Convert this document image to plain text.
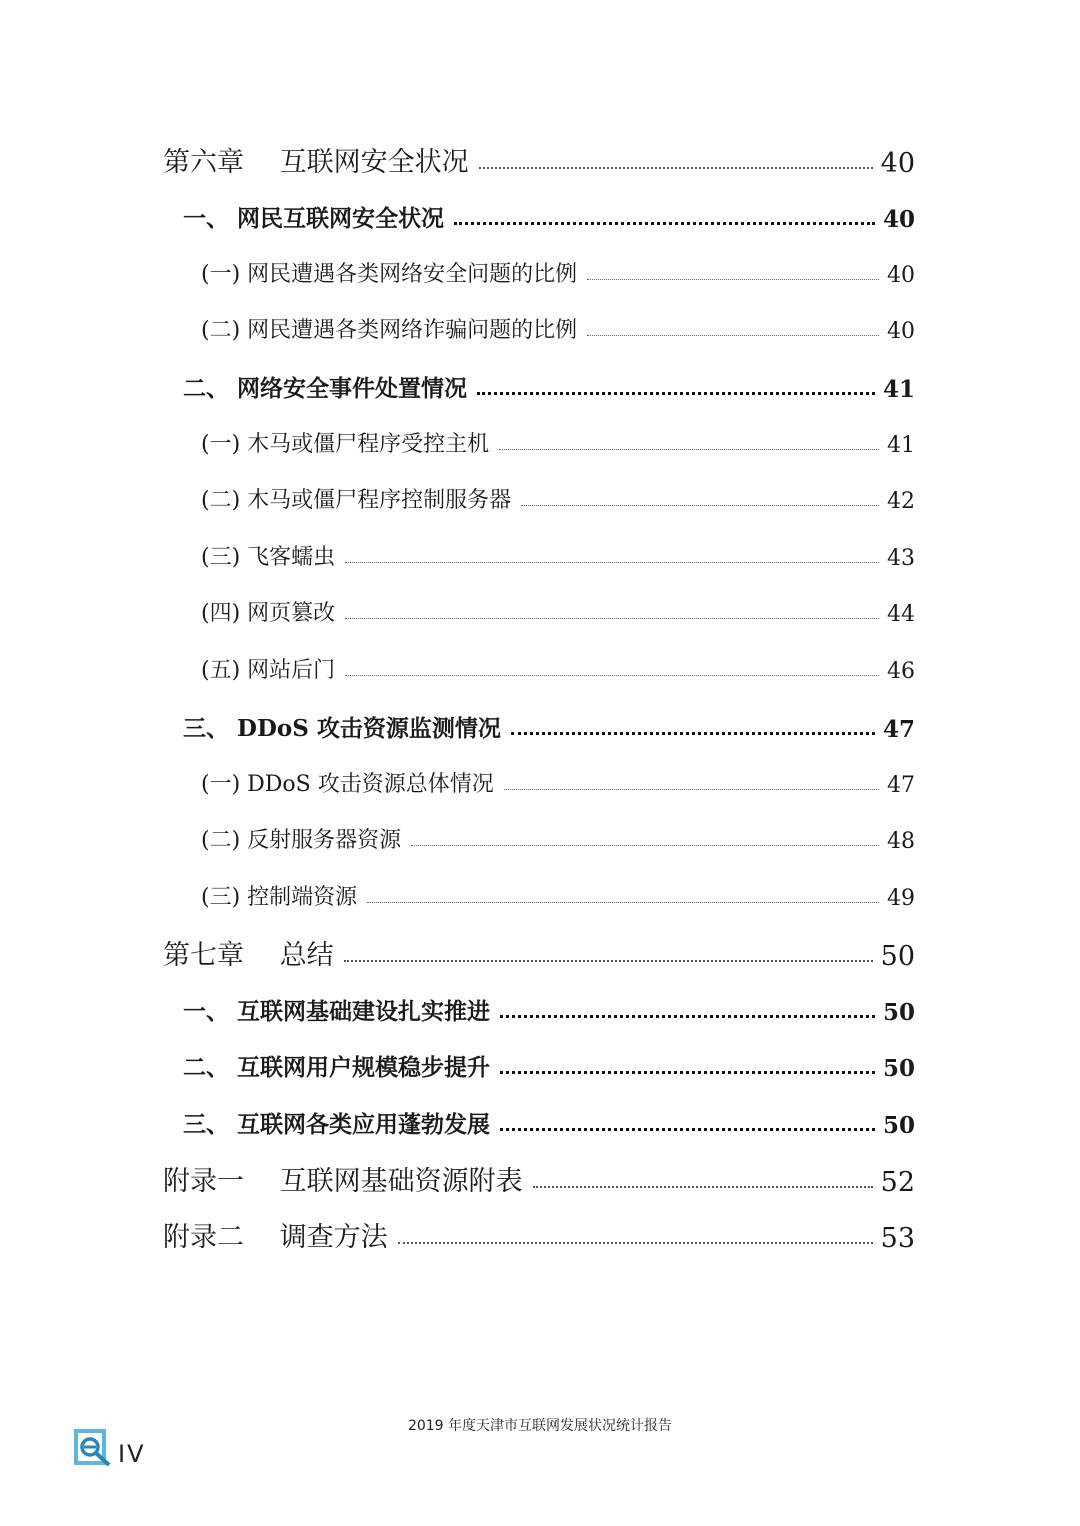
第六章　 互联网安全状况	40
一、 网民互联网安全状况	40
(一) 网民遭遇各类网络安全问题的比例	40
(二) 网民遭遇各类网络诈骗问题的比例	40
二、 网络安全事件处置情况	41
(一) 木马或僵尸程序受控主机	41
(二) 木马或僵尸程序控制服务器	42
(三) 飞客蠕虫	43
(四) 网页篡改	44
(五) 网站后门	46
三、 DDoS 攻击资源监测情况	47
(一) DDoS 攻击资源总体情况	47
(二) 反射服务器资源	48
(三) 控制端资源	49
第七章　 总结	50
一、 互联网基础建设扎实推进	50
二、 互联网用户规模稳步提升	50
三、 互联网各类应用蓬勃发展	50
附录一　 互联网基础资源附表	52
附录二　 调查方法	53
2019 年度天津市互联网发展状况统计报告
IV
